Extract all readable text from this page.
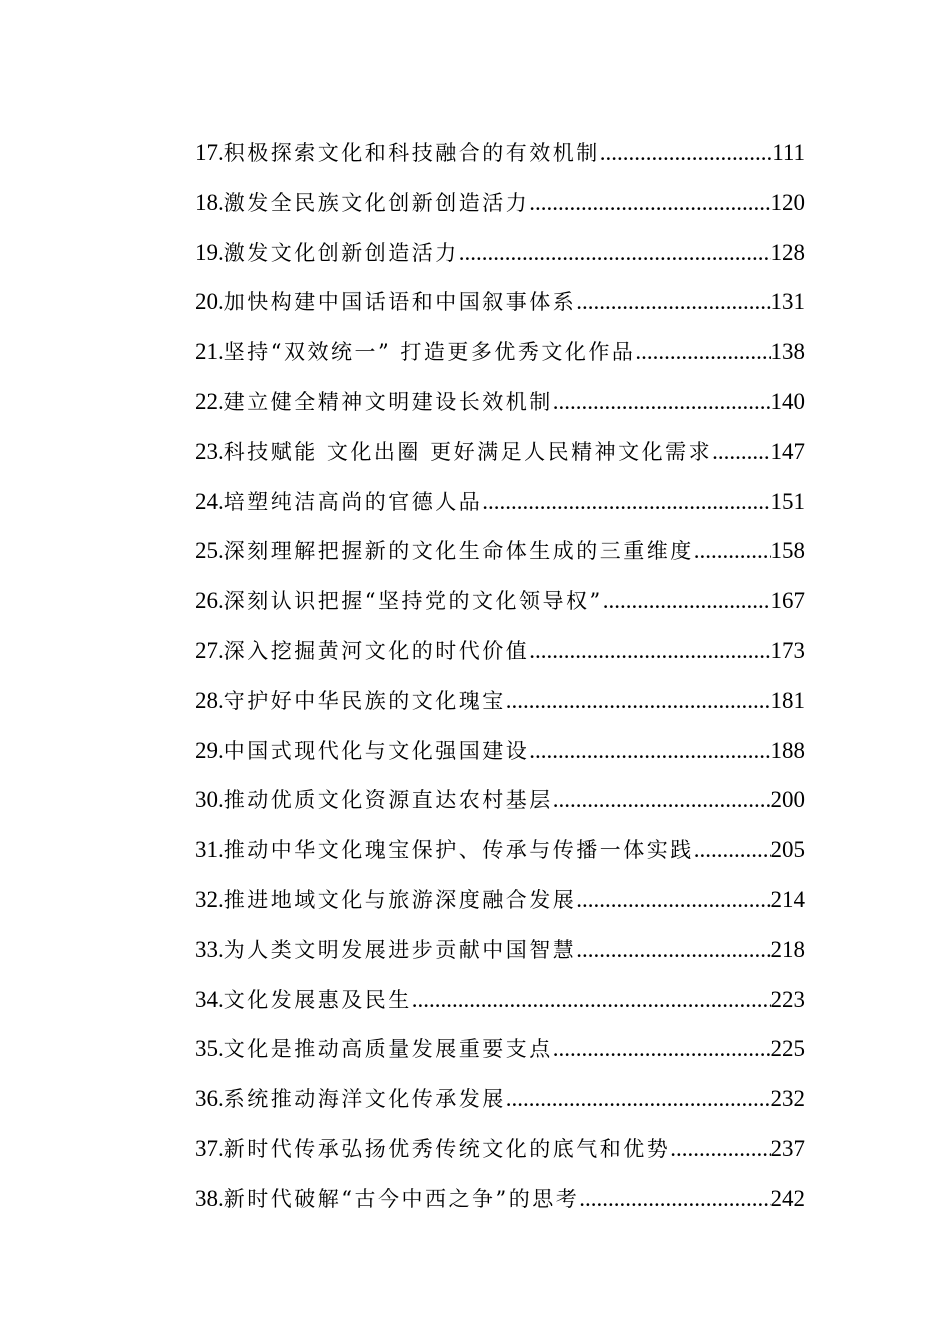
17. 积极探索文化和科技融合的有效机制 .....	111
18. 激发全民族文化创新创造活力 .....	120
19. 激发文化创新创造活力 .....	128
20. 加快构建中国话语和中国叙事体系 .....	131
21. 坚持“双效统一” 打造更多优秀文化作品 .....	138
22. 建立健全精神文明建设长效机制 .....	140
23. 科技赋能 文化出圈 更好满足人民精神文化需求 .....	147
24. 培塑纯洁高尚的官德人品 .....	151
25. 深刻理解把握新的文化生命体生成的三重维度 .....	158
26. 深刻认识把握“坚持党的文化领导权” .....	167
27. 深入挖掘黄河文化的时代价值 .....	173
28. 守护好中华民族的文化瑰宝 .....	181
29. 中国式现代化与文化强国建设 .....	188
30. 推动优质文化资源直达农村基层 .....	200
31. 推动中华文化瑰宝保护、传承与传播一体实践 .....	205
32. 推进地域文化与旅游深度融合发展 .....	214
33. 为人类文明发展进步贡献中国智慧 .....	218
34. 文化发展惠及民生 .....	223
35. 文化是推动高质量发展重要支点 .....	225
36. 系统推动海洋文化传承发展 .....	232
37. 新时代传承弘扬优秀传统文化的底气和优势 .....	237
38. 新时代破解“古今中西之争”的思考 .....	242
